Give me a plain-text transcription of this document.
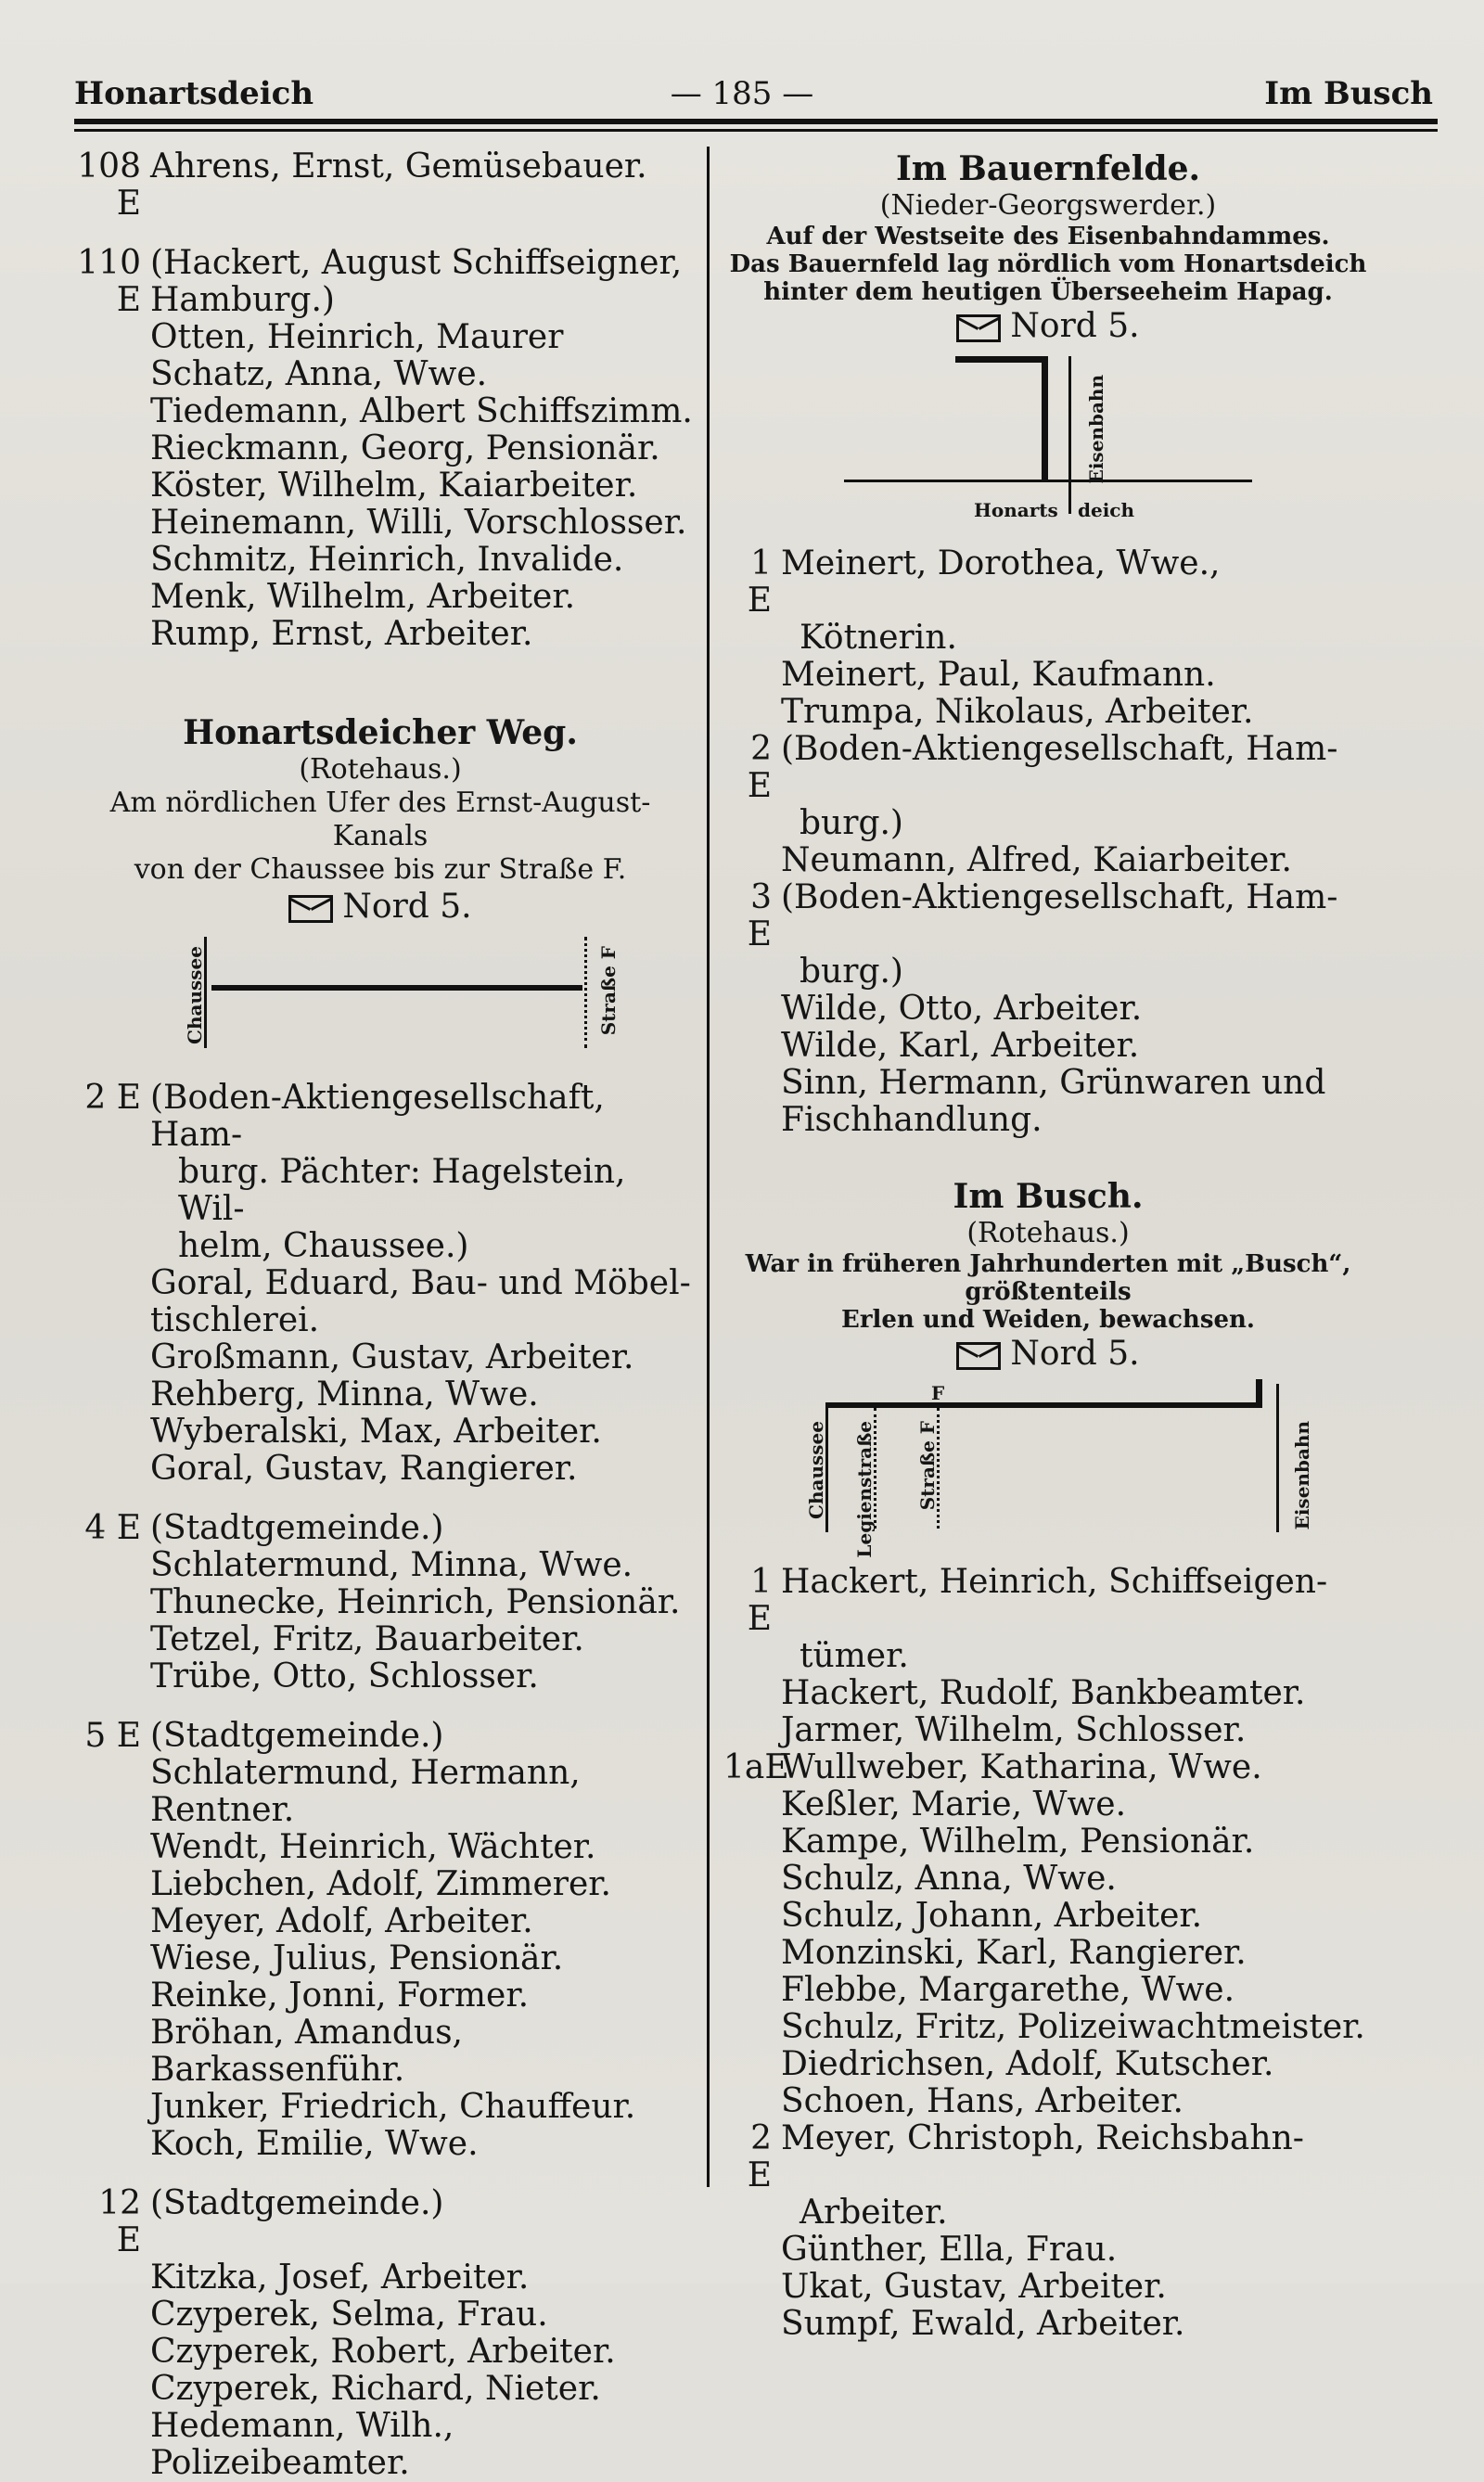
Honartsdeich	— 185 —	Im Busch
108 E
Ahrens, Ernst, Gemüsebauer.
110 E
(Hackert, August Schiffseigner, Hamburg.)
Otten, Heinrich, Maurer
Schatz, Anna, Wwe.
Tiedemann, Albert Schiffszimm.
Rieckmann, Georg, Pensionär.
Köster, Wilhelm, Kaiarbeiter.
Heinemann, Willi, Vorschlosser.
Schmitz, Heinrich, Invalide.
Menk, Wilhelm, Arbeiter.
Rump, Ernst, Arbeiter.
Honartsdeicher Weg.
(Rotehaus.)
Am nördlichen Ufer des Ernst-August-Kanals
von der Chaussee bis zur Straße F.
Nord 5.
Chaussee	Straße F
2 E (Boden-Aktiengesellschaft, Ham-
burg. Pächter: Hagelstein, Wil-
helm, Chaussee.)
Goral, Eduard, Bau- und Möbel-
tischlerei.
Großmann, Gustav, Arbeiter.
Rehberg, Minna, Wwe.
Wyberalski, Max, Arbeiter.
Goral, Gustav, Rangierer.
4 E (Stadtgemeinde.)
Schlatermund, Minna, Wwe.
Thunecke, Heinrich, Pensionär.
Tetzel, Fritz, Bauarbeiter.
Trübe, Otto, Schlosser.
5 E (Stadtgemeinde.)
Schlatermund, Hermann, Rentner.
Wendt, Heinrich, Wächter.
Liebchen, Adolf, Zimmerer.
Meyer, Adolf, Arbeiter.
Wiese, Julius, Pensionär.
Reinke, Jonni, Former.
Bröhan, Amandus, Barkassenführ.
Junker, Friedrich, Chauffeur.
Koch, Emilie, Wwe.
12 E
(Stadtgemeinde.)
Kitzka, Josef, Arbeiter.
Czyperek, Selma, Frau.
Czyperek, Robert, Arbeiter.
Czyperek, Richard, Nieter.
Hedemann, Wilh., Polizeibeamter.
Im Bauernfelde.
(Nieder-Georgswerder.)
Auf der Westseite des Eisenbahndammes.
Das Bauernfeld lag nördlich vom Honartsdeich
hinter dem heutigen Überseeheim Hapag.
Nord 5.
Eisenbahn
Honarts deich
1 E
Meinert, Dorothea, Wwe.,
Kötnerin.
Meinert, Paul, Kaufmann.
Trumpa, Nikolaus, Arbeiter.
2 E
(Boden-Aktiengesellschaft, Ham-
burg.)
Neumann, Alfred, Kaiarbeiter.
3 E
(Boden-Aktiengesellschaft, Ham-
burg.)
Wilde, Otto, Arbeiter.
Wilde, Karl, Arbeiter.
Sinn, Hermann, Grünwaren und
Fischhandlung.
Im Busch.
(Rotehaus.)
War in früheren Jahrhunderten mit „Busch“, größtenteils
Erlen und Weiden, bewachsen.
Nord 5.
Chaussee	Legienstraße	Straße F	Eisenbahn
F
1 E
Hackert, Heinrich, Schiffseigen-
tümer.
Hackert, Rudolf, Bankbeamter.
Jarmer, Wilhelm, Schlosser.
1aE
Wullweber, Katharina, Wwe.
Keßler, Marie, Wwe.
Kampe, Wilhelm, Pensionär.
Schulz, Anna, Wwe.
Schulz, Johann, Arbeiter.
Monzinski, Karl, Rangierer.
Flebbe, Margarethe, Wwe.
Schulz, Fritz, Polizeiwachtmeister.
Diedrichsen, Adolf, Kutscher.
Schoen, Hans, Arbeiter.
2 E
Meyer, Christoph, Reichsbahn-
Arbeiter.
Günther, Ella, Frau.
Ukat, Gustav, Arbeiter.
Sumpf, Ewald, Arbeiter.
